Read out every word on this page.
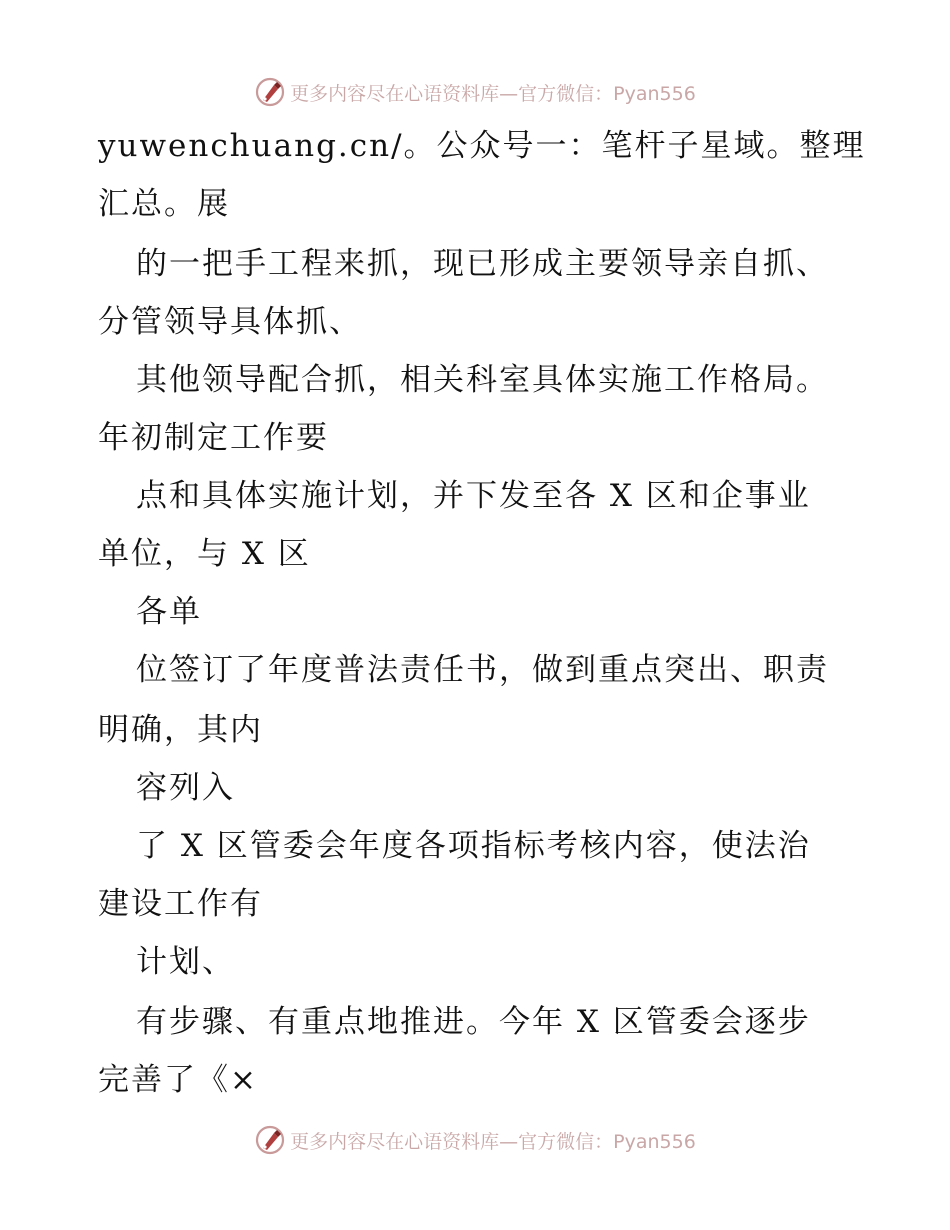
更多内容尽在心语资料库—官方微信：Pyan556
yuwenchuang.cn/。公众号一：笔杆子星域。整理
汇总。展
的一把手工程来抓，现已形成主要领导亲自抓、
分管领导具体抓、
其他领导配合抓，相关科室具体实施工作格局。
年初制定工作要
点和具体实施计划，并下发至各 X 区和企事业
单位，与 X 区
各单
位签订了年度普法责任书，做到重点突出、职责
明确，其内
容列入
了 X 区管委会年度各项指标考核内容，使法治
建设工作有
计划、
有步骤、有重点地推进。今年 X 区管委会逐步
完善了《×
更多内容尽在心语资料库—官方微信：Pyan556
